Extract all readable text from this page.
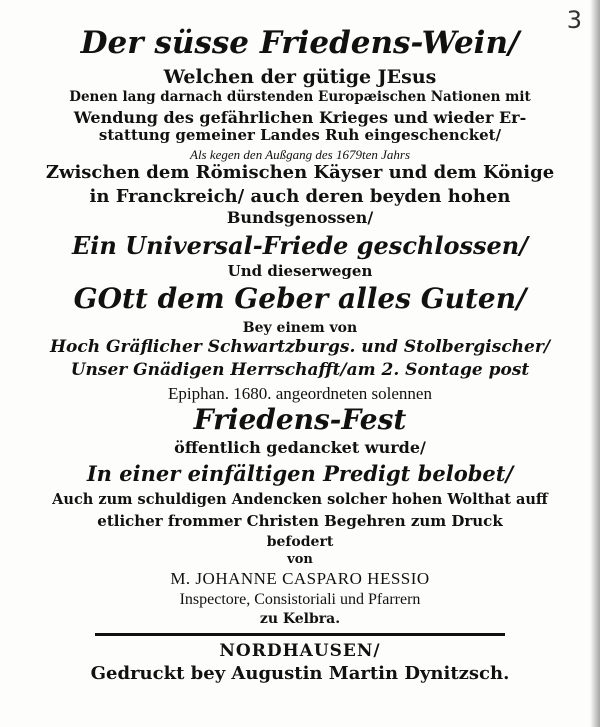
3
Der süsse Friedens-Wein/
Welchen der gütige JEsus
Denen lang darnach dürstenden Europæischen Nationen mit
Wendung des gefährlichen Krieges und wieder Er-
stattung gemeiner Landes Ruh eingeschencket/
Als kegen den Außgang des 1679ten Jahrs
Zwischen dem Römischen Käyser und dem Könige
in Franckreich/ auch deren beyden hohen
Bundsgenossen/
Ein Universal-Friede geschlossen/
Und dieserwegen
GOtt dem Geber alles Guten/
Bey einem von
Hoch Gräflicher Schwartzburgs. und Stolbergischer/
Unser Gnädigen Herrschafft/am 2. Sontage post
Epiphan. 1680. angeordneten solennen
Friedens-Fest
öffentlich gedancket wurde/
In einer einfältigen Predigt belobet/
Auch zum schuldigen Andencken solcher hohen Wolthat auff
etlicher frommer Christen Begehren zum Druck
befodert
von
M. JOHANNE CASPARO HESSIO
Inspectore, Consistoriali und Pfarrern
zu Kelbra.
NORDHAUSEN/
Gedruckt bey Augustin Martin Dynitzsch.
